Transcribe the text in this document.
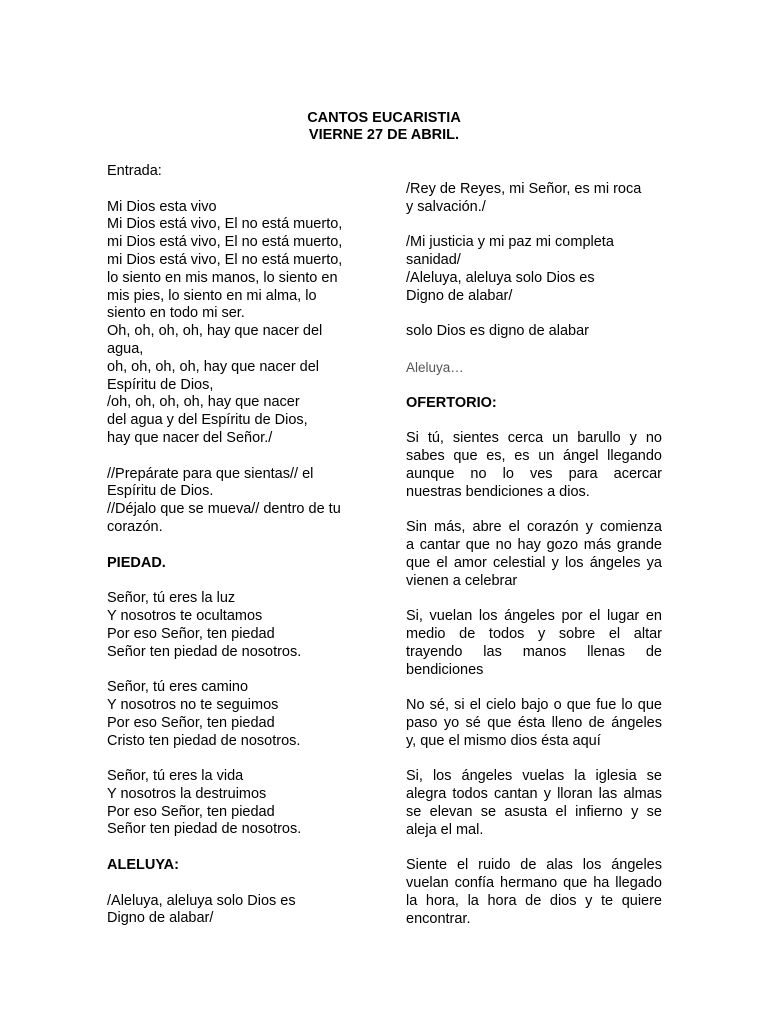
CANTOS EUCARISTIA
VIERNE 27 DE ABRIL.
Entrada:
Mi Dios esta vivo
Mi Dios está vivo, El no está muerto,
mi Dios está vivo, El no está muerto,
mi Dios está vivo, El no está muerto,
lo siento en mis manos, lo siento en
mis pies, lo siento en mi alma, lo
siento en todo mi ser.
Oh, oh, oh, oh, hay que nacer del
agua,
oh, oh, oh, oh, hay que nacer del
Espíritu de Dios,
/oh, oh, oh, oh, hay que nacer
del agua y del Espíritu de Dios,
hay que nacer del Señor./
//Prepárate para que sientas// el
Espíritu de Dios.
//Déjalo que se mueva// dentro de tu
corazón.
PIEDAD.
Señor, tú eres la luz
Y nosotros te ocultamos
Por eso Señor, ten piedad
Señor ten piedad de nosotros.
Señor, tú eres camino
Y nosotros no te seguimos
Por eso Señor, ten piedad
Cristo ten piedad de nosotros.
Señor, tú eres la vida
Y nosotros la destruimos
Por eso Señor, ten piedad
Señor ten piedad de nosotros.
ALELUYA:
/Aleluya, aleluya solo Dios es
Digno de alabar/
/Rey de Reyes, mi Señor, es mi roca
y salvación./
/Mi justicia y mi paz mi completa
sanidad/
/Aleluya, aleluya solo Dios es
Digno de alabar/
solo Dios es digno de alabar
Aleluya…
OFERTORIO:
Si tú, sientes cerca un barullo y no
sabes que es, es un ángel llegando
aunque no lo ves para acercar
nuestras bendiciones a dios.
Sin más, abre el corazón y comienza
a cantar que no hay gozo más grande
que el amor celestial y los ángeles ya
vienen a celebrar
Si, vuelan los ángeles por el lugar en
medio de todos y sobre el altar
trayendo las manos llenas de
bendiciones
No sé, si el cielo bajo o que fue lo que
paso yo sé que ésta lleno de ángeles
y, que el mismo dios ésta aquí
Si, los ángeles vuelas la iglesia se
alegra todos cantan y lloran las almas
se elevan se asusta el infierno y se
aleja el mal.
Siente el ruido de alas los ángeles
vuelan confía hermano que ha llegado
la hora, la hora de dios y te quiere
encontrar.
